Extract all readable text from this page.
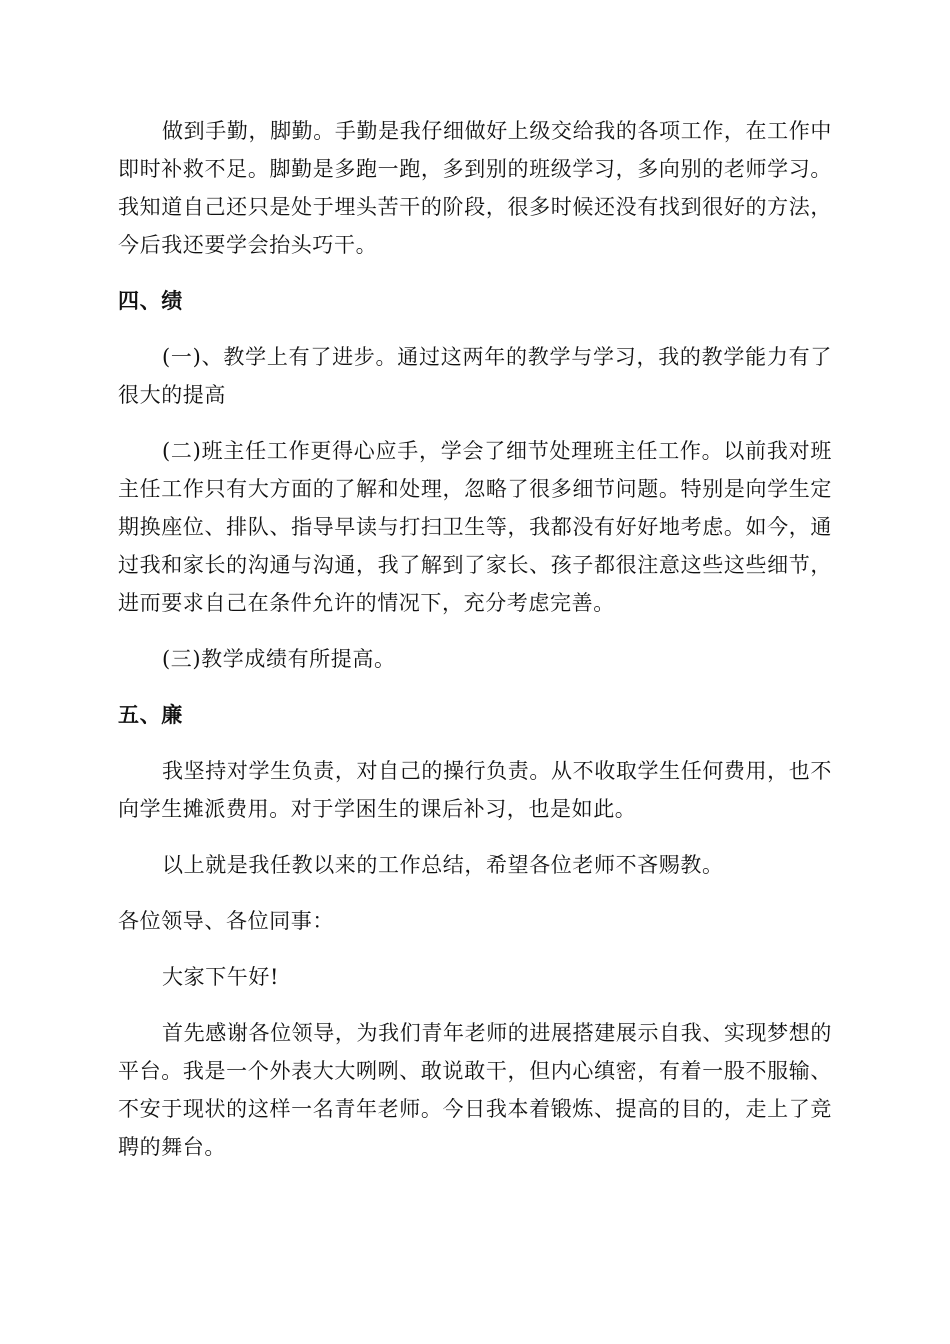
做到手勤，脚勤。手勤是我仔细做好上级交给我的各项工作，在工作中即时补救不足。脚勤是多跑一跑，多到别的班级学习，多向别的老师学习。我知道自己还只是处于埋头苦干的阶段，很多时候还没有找到很好的方法，今后我还要学会抬头巧干。

四、绩

(一)、教学上有了进步。通过这两年的教学与学习，我的教学能力有了很大的提高

(二)班主任工作更得心应手，学会了细节处理班主任工作。以前我对班主任工作只有大方面的了解和处理，忽略了很多细节问题。特别是向学生定期换座位、排队、指导早读与打扫卫生等，我都没有好好地考虑。如今，通过我和家长的沟通与沟通，我了解到了家长、孩子都很注意这些这些细节，进而要求自己在条件允许的情况下，充分考虑完善。

(三)教学成绩有所提高。

五、廉

我坚持对学生负责，对自己的操行负责。从不收取学生任何费用，也不向学生摊派费用。对于学困生的课后补习，也是如此。

以上就是我任教以来的工作总结，希望各位老师不吝赐教。

各位领导、各位同事：

大家下午好!

首先感谢各位领导，为我们青年老师的进展搭建展示自我、实现梦想的平台。我是一个外表大大咧咧、敢说敢干，但内心缜密，有着一股不服输、不安于现状的这样一名青年老师。今日我本着锻炼、提高的目的，走上了竞聘的舞台。
